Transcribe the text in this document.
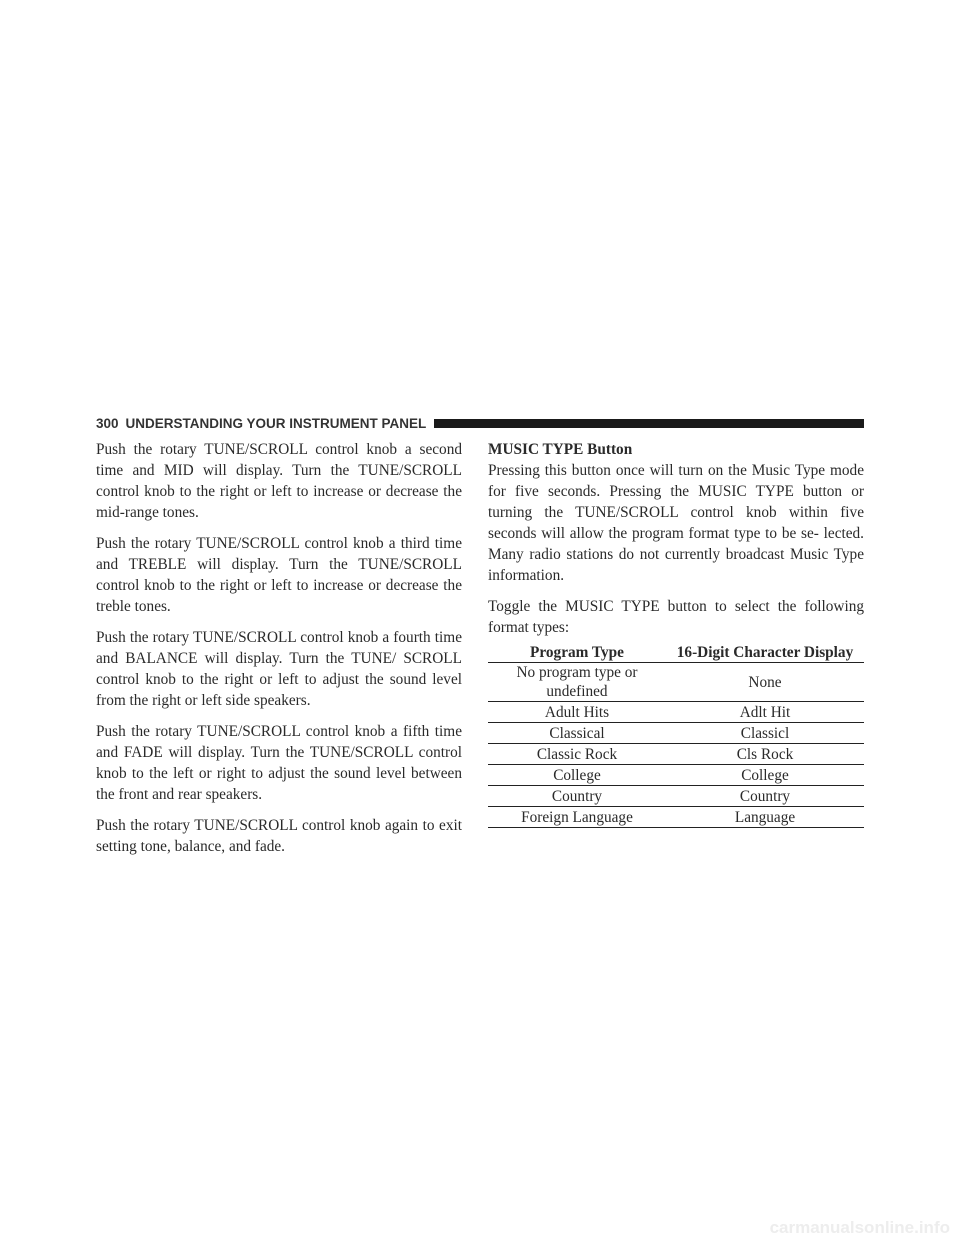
300 UNDERSTANDING YOUR INSTRUMENT PANEL

Push the rotary TUNE/SCROLL control knob a second time and MID will display. Turn the TUNE/SCROLL control knob to the right or left to increase or decrease the mid-range tones.

Push the rotary TUNE/SCROLL control knob a third time and TREBLE will display. Turn the TUNE/SCROLL control knob to the right or left to increase or decrease the treble tones.

Push the rotary TUNE/SCROLL control knob a fourth time and BALANCE will display. Turn the TUNE/ SCROLL control knob to the right or left to adjust the sound level from the right or left side speakers.

Push the rotary TUNE/SCROLL control knob a fifth time and FADE will display. Turn the TUNE/SCROLL control knob to the left or right to adjust the sound level between the front and rear speakers.

Push the rotary TUNE/SCROLL control knob again to exit setting tone, balance, and fade.

MUSIC TYPE Button

Pressing this button once will turn on the Music Type mode for five seconds. Pressing the MUSIC TYPE button or turning the TUNE/SCROLL control knob within five seconds will allow the program format type to be se- lected. Many radio stations do not currently broadcast Music Type information.

Toggle the MUSIC TYPE button to select the following format types:

Program Type	16-Digit Character Display
No program type or undefined	None
Adult Hits	Adlt Hit
Classical	Classicl
Classic Rock	Cls Rock
College	College
Country	Country
Foreign Language	Language
carmanualsonline.info
